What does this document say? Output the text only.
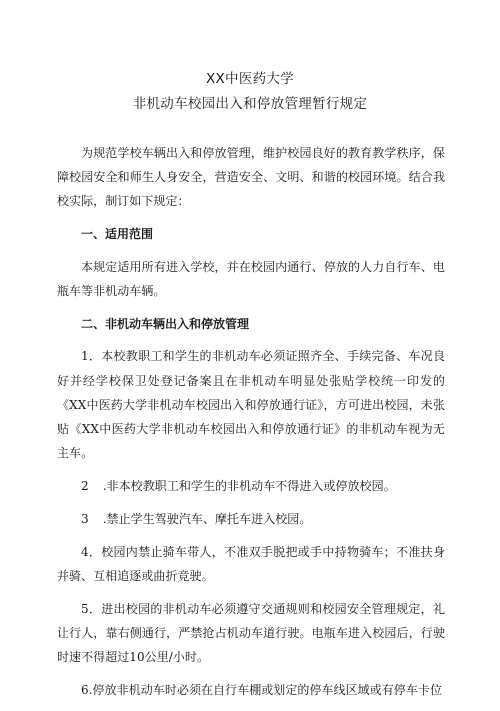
XX中医药大学
非机动车校园出入和停放管理暂行规定

为规范学校车辆出入和停放管理，维护校园良好的教育教学秩序，保障校园安全和师生人身安全，营造安全、文明、和谐的校园环境。结合我校实际，制订如下规定：

一、适用范围

本规定适用所有进入学校，并在校园内通行、停放的人力自行车、电瓶车等非机动车辆。

二、非机动车辆出入和停放管理

1．本校教职工和学生的非机动车必须证照齐全、手续完备、车况良好并经学校保卫处登记备案且在非机动车明显处张贴学校统一印发的《XX中医药大学非机动车校园出入和停放通行证》，方可进出校园，未张贴《XX中医药大学非机动车校园出入和停放通行证》的非机动车视为无主车。

2 .非本校教职工和学生的非机动车不得进入或停放校园。

3 .禁止学生驾驶汽车、摩托车进入校园。

4．校园内禁止骑车带人，不准双手脱把或手中持物骑车；不准扶身并骑、互相追逐或曲折竞驶。

5．进出校园的非机动车必须遵守交通规则和校园安全管理规定，礼让行人，靠右侧通行，严禁抢占机动车道行驶。电瓶车进入校园后，行驶时速不得超过10公里/小时。

6.停放非机动车时必须在自行车棚或划定的停车线区域或有停车卡位
